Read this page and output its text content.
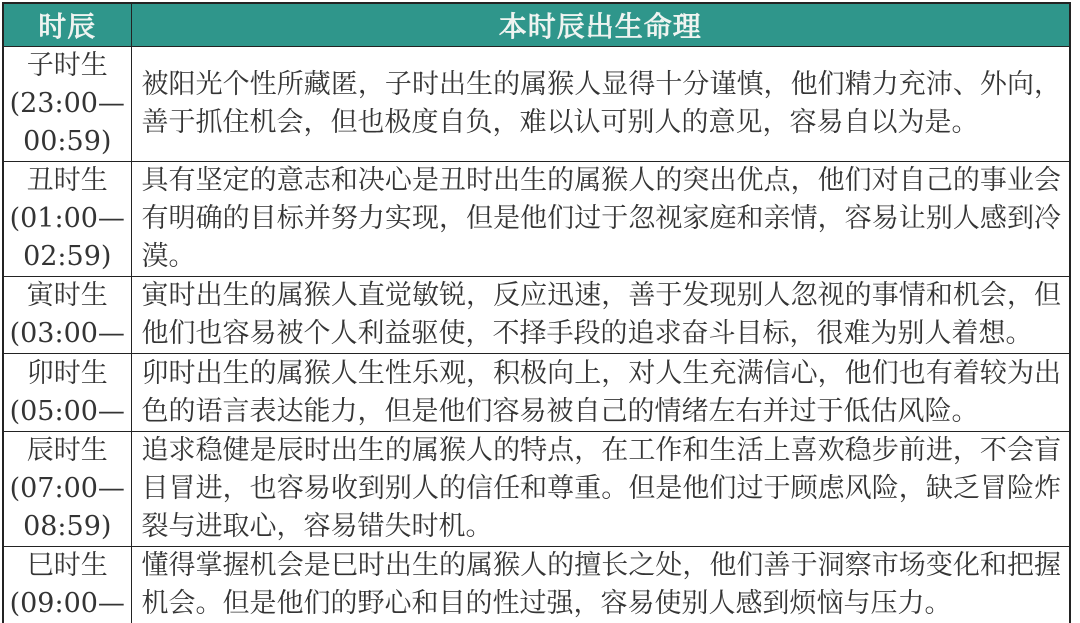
时辰	本时辰出生命理

子时生
(23:00—
00:59)	被阳光个性所藏匿，子时出生的属猴人显得十分谨慎，他们精力充沛、外向，善于抓住机会，但也极度自负，难以认可别人的意见，容易自以为是。

丑时生
(01:00—
02:59)	具有坚定的意志和决心是丑时出生的属猴人的突出优点，他们对自己的事业会有明确的目标并努力实现，但是他们过于忽视家庭和亲情，容易让别人感到冷漠。

寅时生
(03:00—	寅时出生的属猴人直觉敏锐，反应迅速，善于发现别人忽视的事情和机会，但他们也容易被个人利益驱使，不择手段的追求奋斗目标，很难为别人着想。

卯时生
(05:00—	卯时出生的属猴人生性乐观，积极向上，对人生充满信心，他们也有着较为出色的语言表达能力，但是他们容易被自己的情绪左右并过于低估风险。

辰时生
(07:00—
08:59)	追求稳健是辰时出生的属猴人的特点，在工作和生活上喜欢稳步前进，不会盲目冒进，也容易收到别人的信任和尊重。但是他们过于顾虑风险，缺乏冒险炸裂与进取心，容易错失时机。

巳时生
(09:00—	懂得掌握机会是巳时出生的属猴人的擅长之处，他们善于洞察市场变化和把握机会。但是他们的野心和目的性过强，容易使别人感到烦恼与压力。
